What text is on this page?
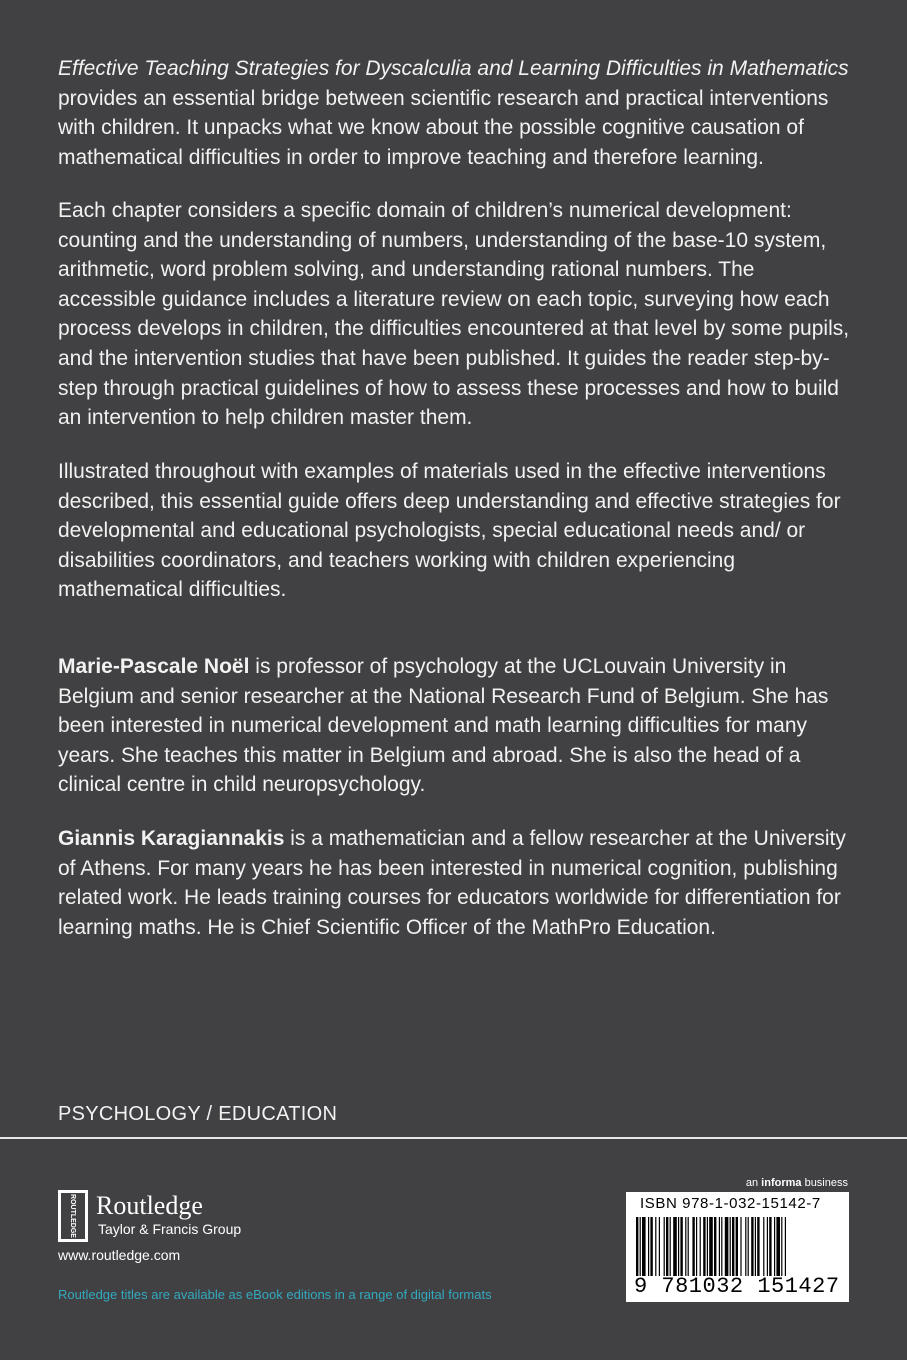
Effective Teaching Strategies for Dyscalculia and Learning Difficulties in Mathematics provides an essential bridge between scientific research and practical interventions with children. It unpacks what we know about the possible cognitive causation of mathematical difficulties in order to improve teaching and therefore learning.

Each chapter considers a specific domain of children’s numerical development: counting and the understanding of numbers, understanding of the base-10 system, arithmetic, word problem solving, and understanding rational numbers. The accessible guidance includes a literature review on each topic, surveying how each process develops in children, the difficulties encountered at that level by some pupils, and the intervention studies that have been published. It guides the reader step-by-step through practical guidelines of how to assess these processes and how to build an intervention to help children master them.

Illustrated throughout with examples of materials used in the effective interventions described, this essential guide offers deep understanding and effective strategies for developmental and educational psychologists, special educational needs and/ or disabilities coordinators, and teachers working with children experiencing mathematical difficulties.

Marie-Pascale Noël is professor of psychology at the UCLouvain University in Belgium and senior researcher at the National Research Fund of Belgium. She has been interested in numerical development and math learning difficulties for many years. She teaches this matter in Belgium and abroad. She is also the head of a clinical centre in child neuropsychology.

Giannis Karagiannakis is a mathematician and a fellow researcher at the University of Athens. For many years he has been interested in numerical cognition, publishing related work. He leads training courses for educators worldwide for differentiation for learning maths. He is Chief Scientific Officer of the MathPro Education.

PSYCHOLOGY / EDUCATION
ROUTLEDGE Routledge
Taylor & Francis Group
www.routledge.com
Routledge titles are available as eBook editions in a range of digital formats
an informa business
ISBN 978-1-032-15142-7
9 781032 151427
